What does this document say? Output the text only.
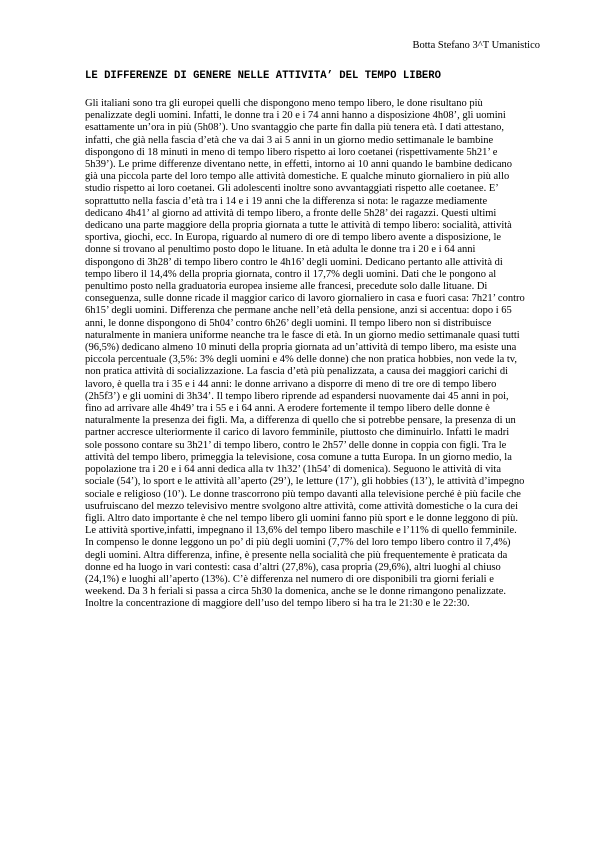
Botta Stefano 3^T Umanistico
LE DIFFERENZE DI GENERE NELLE ATTIVITA’ DEL TEMPO LIBERO

Gli italiani sono tra gli europei quelli che dispongono meno tempo libero, le done risultano più penalizzate degli uomini. Infatti, le donne tra i 20 e i 74 anni hanno a disposizione 4h08’, gli uomini esattamente un’ora in più (5h08’). Uno svantaggio che parte fin dalla più tenera età. I dati attestano, infatti, che già nella fascia d’età che va dai 3 ai 5 anni in un giorno medio settimanale le bambine dispongono di 18 minuti in meno di tempo libero rispetto ai loro coetanei (rispettivamente 5h21’ e 5h39’). Le prime differenze diventano nette, in effetti, intorno ai 10 anni quando le bambine dedicano già una piccola parte del loro tempo alle attività domestiche. E qualche minuto giornaliero in più allo studio rispetto ai loro coetanei. Gli adolescenti inoltre sono avvantaggiati rispetto alle coetanee. E’ soprattutto nella fascia d’età tra i 14 e i 19 anni che la differenza si nota: le ragazze mediamente dedicano 4h41’ al giorno ad attività di tempo libero, a fronte delle 5h28’ dei ragazzi. Questi ultimi dedicano una parte maggiore della propria giornata a tutte le attività di tempo libero: socialità, attività sportiva, giochi, ecc. In Europa, riguardo al numero di ore di tempo libero avente a disposizione, le donne si trovano al penultimo posto dopo le lituane. In età adulta le donne tra i 20 e i 64 anni dispongono di 3h28’ di tempo libero contro le 4h16’ degli uomini. Dedicano pertanto alle attività di tempo libero il 14,4% della propria giornata, contro il 17,7% degli uomini. Dati che le pongono al penultimo posto nella graduatoria europea insieme alle francesi, precedute solo dalle lituane. Di conseguenza, sulle donne ricade il maggior carico di lavoro giornaliero in casa e fuori casa: 7h21’ contro 6h15’ degli uomini. Differenza che permane anche nell’età della pensione, anzi si accentua: dopo i 65 anni, le donne dispongono di 5h04’ contro 6h26’ degli uomini. Il tempo libero non si distribuisce naturalmente in maniera uniforme neanche tra le fasce di età. In un giorno medio settimanale quasi tutti (96,5%) dedicano almeno 10 minuti della propria giornata ad un’attività di tempo libero, ma esiste una piccola percentuale (3,5%: 3% degli uomini e 4% delle donne) che non pratica hobbies, non vede la tv, non pratica attività di socializzazione. La fascia d’età più penalizzata, a causa dei maggiori carichi di lavoro, è quella tra i 35 e i 44 anni: le donne arrivano a disporre di meno di tre ore di tempo libero (2h5f3’) e gli uomini di 3h34’. Il tempo libero riprende ad espandersi nuovamente dai 45 anni in poi, fino ad arrivare alle 4h49’ tra i 55 e i 64 anni. A erodere fortemente il tempo libero delle donne è naturalmente la presenza dei figli. Ma, a differenza di quello che si potrebbe pensare, la presenza di un partner accresce ulteriormente il carico di lavoro femminile, piuttosto che diminuirlo. Infatti le madri sole possono contare su 3h21’ di tempo libero, contro le 2h57’ delle donne in coppia con figli. Tra le attività del tempo libero, primeggia la televisione, cosa comune a tutta Europa. In un giorno medio, la popolazione tra i 20 e i 64 anni dedica alla tv 1h32’ (1h54’ di domenica). Seguono le attività di vita sociale (54’), lo sport e le attività all’aperto (29’), le letture (17’), gli hobbies (13’), le attività d’impegno sociale e religioso (10’). Le donne trascorrono più tempo davanti alla televisione perché è più facile che usufruiscano del mezzo televisivo mentre svolgono altre attività, come attività domestiche o la cura dei figli. Altro dato importante è che nel tempo libero gli uomini fanno più sport e le donne leggono di più. Le attività sportive,infatti, impegnano il 13,6% del tempo libero maschile e l’11% di quello femminile. In compenso le donne leggono un po’ di più degli uomini (7,7% del loro tempo libero contro il 7,4%) degli uomini. Altra differenza, infine, è presente nella socialità che più frequentemente è praticata da donne ed ha luogo in vari contesti: casa d’altri (27,8%), casa propria (29,6%), altri luoghi al chiuso (24,1%) e luoghi all’aperto (13%). C’è differenza nel numero di ore disponibili tra giorni feriali e weekend. Da 3 h feriali si passa a circa 5h30 la domenica, anche se le donne rimangono penalizzate. Inoltre la concentrazione di maggiore dell’uso del tempo libero si ha tra le 21:30 e le 22:30.
